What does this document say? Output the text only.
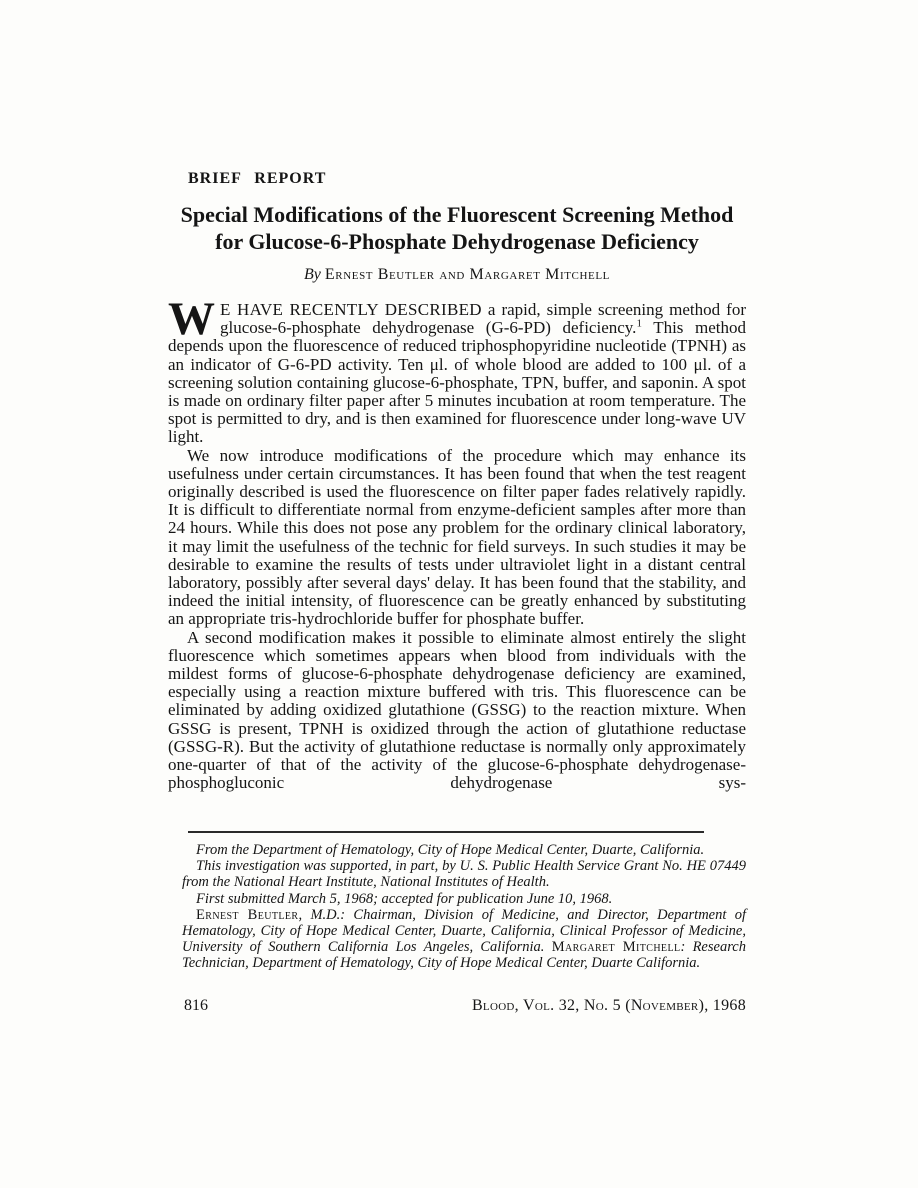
BRIEF REPORT
Special Modifications of the Fluorescent Screening Method
for Glucose-6-Phosphate Dehydrogenase Deficiency
By Ernest Beutler and Margaret Mitchell

W E HAVE RECENTLY DESCRIBED a rapid, simple screening method for glucose-6-phosphate dehydrogenase (G-6-PD) deficiency.$^1$ This method depends upon the fluorescence of reduced triphosphopyridine nucleotide (TPNH) as an indicator of G-6-PD activity. Ten μl. of whole blood are added to 100 μl. of a screening solution containing glucose-6-phosphate, TPN, buffer, and saponin. A spot is made on ordinary filter paper after 5 minutes incubation at room temperature. The spot is permitted to dry, and is then examined for fluorescence under long-wave UV light.

We now introduce modifications of the procedure which may enhance its usefulness under certain circumstances. It has been found that when the test reagent originally described is used the fluorescence on filter paper fades relatively rapidly. It is difficult to differentiate normal from enzyme-deficient samples after more than 24 hours. While this does not pose any problem for the ordinary clinical laboratory, it may limit the usefulness of the technic for field surveys. In such studies it may be desirable to examine the results of tests under ultraviolet light in a distant central laboratory, possibly after several days' delay. It has been found that the stability, and indeed the initial intensity, of fluorescence can be greatly enhanced by substituting an appropriate tris-hydrochloride buffer for phosphate buffer.

A second modification makes it possible to eliminate almost entirely the slight fluorescence which sometimes appears when blood from individuals with the mildest forms of glucose-6-phosphate dehydrogenase deficiency are examined, especially using a reaction mixture buffered with tris. This fluorescence can be eliminated by adding oxidized glutathione (GSSG) to the reaction mixture. When GSSG is present, TPNH is oxidized through the action of glutathione reductase (GSSG-R). But the activity of glutathione reductase is normally only approximately one-quarter of that of the activity of the glucose-6-phosphate dehydrogenase-phosphogluconic dehydrogenase sys-

From the Department of Hematology, City of Hope Medical Center, Duarte, California.

This investigation was supported, in part, by U. S. Public Health Service Grant No. HE 07449 from the National Heart Institute, National Institutes of Health.

First submitted March 5, 1968; accepted for publication June 10, 1968.

Ernest Beutler, M.D.: Chairman, Division of Medicine, and Director, Department of Hematology, City of Hope Medical Center, Duarte, California, Clinical Professor of Medicine, University of Southern California Los Angeles, California. Margaret Mitchell: Research Technician, Department of Hematology, City of Hope Medical Center, Duarte California.

816	Blood, Vol. 32, No. 5 (November), 1968
